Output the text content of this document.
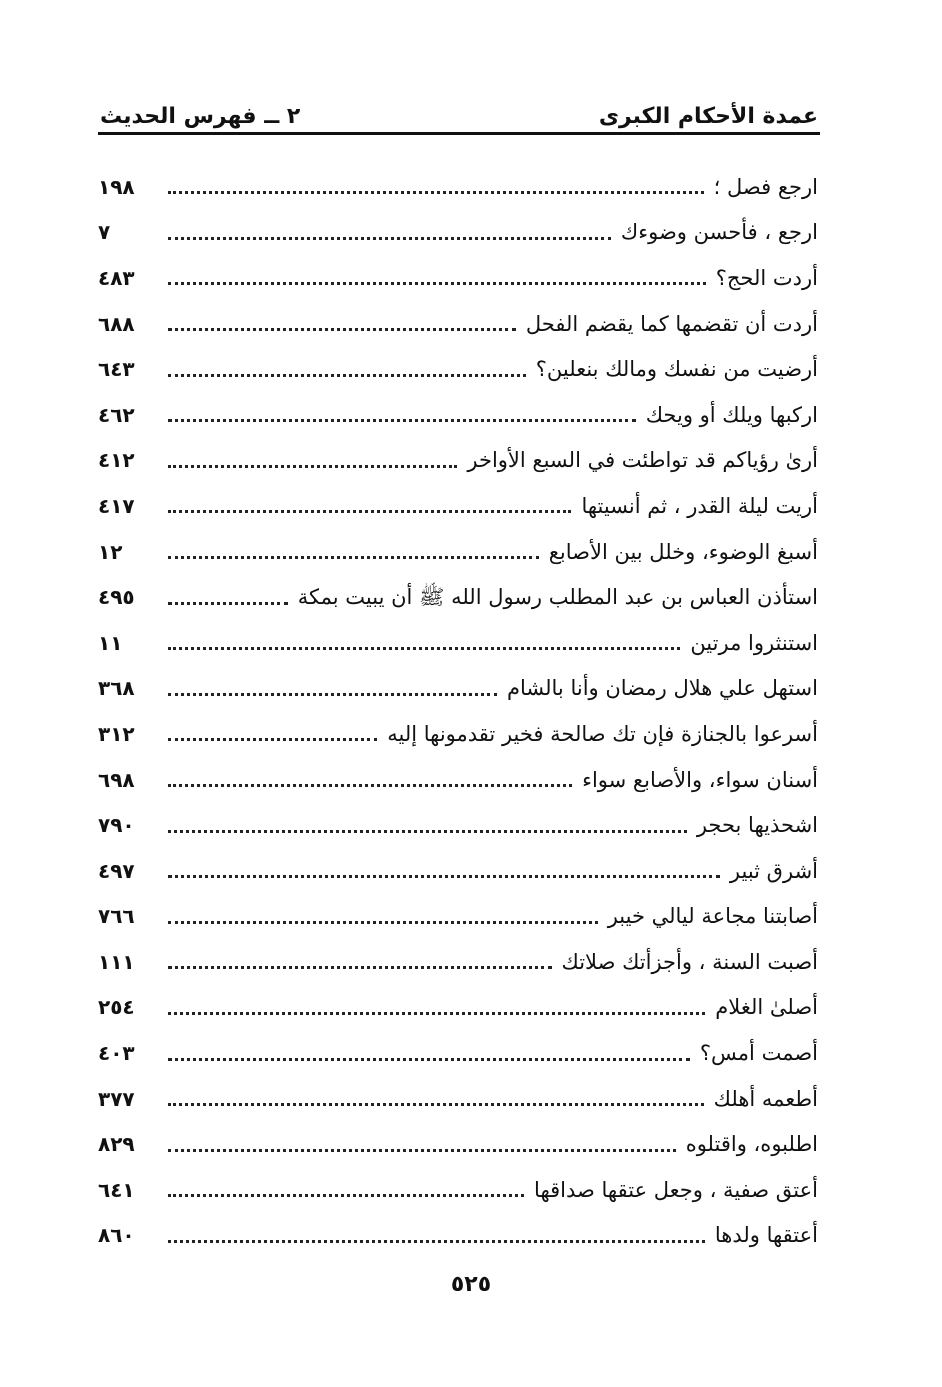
عمدة الأحكام الكبرى
٢ ــ فهرس الحديث
ارجع فصل ؛
١٩٨
ارجع ، فأحسن وضوءك
٧
أردت الحج؟
٤٨٣
أردت أن تقضمها كما يقضم الفحل
٦٨٨
أرضيت من نفسك ومالك بنعلين؟
٦٤٣
اركبها ويلك أو ويحك
٤٦٢
أرىٰ رؤياكم قد تواطئت في السبع الأواخر
٤١٢
أريت ليلة القدر ، ثم أنسيتها
٤١٧
أسبغ الوضوء، وخلل بين الأصابع
١٢
استأذن العباس بن عبد المطلب رسول الله ﷺ أن يبيت بمكة
٤٩٥
استنثروا مرتين
١١
استهل علي هلال رمضان وأنا بالشام
٣٦٨
أسرعوا بالجنازة فإن تك صالحة فخير تقدمونها إليه
٣١٢
أسنان سواء، والأصابع سواء
٦٩٨
اشحذيها بحجر
٧٩٠
أشرق ثبير
٤٩٧
أصابتنا مجاعة ليالي خيبر
٧٦٦
أصبت السنة ، وأجزأتك صلاتك
١١١
أصلىٰ الغلام
٢٥٤
أصمت أمس؟
٤٠٣
أطعمه أهلك
٣٧٧
اطلبوه، واقتلوه
٨٢٩
أعتق صفية ، وجعل عتقها صداقها
٦٤١
أعتقها ولدها
٨٦٠
٥٢٥
